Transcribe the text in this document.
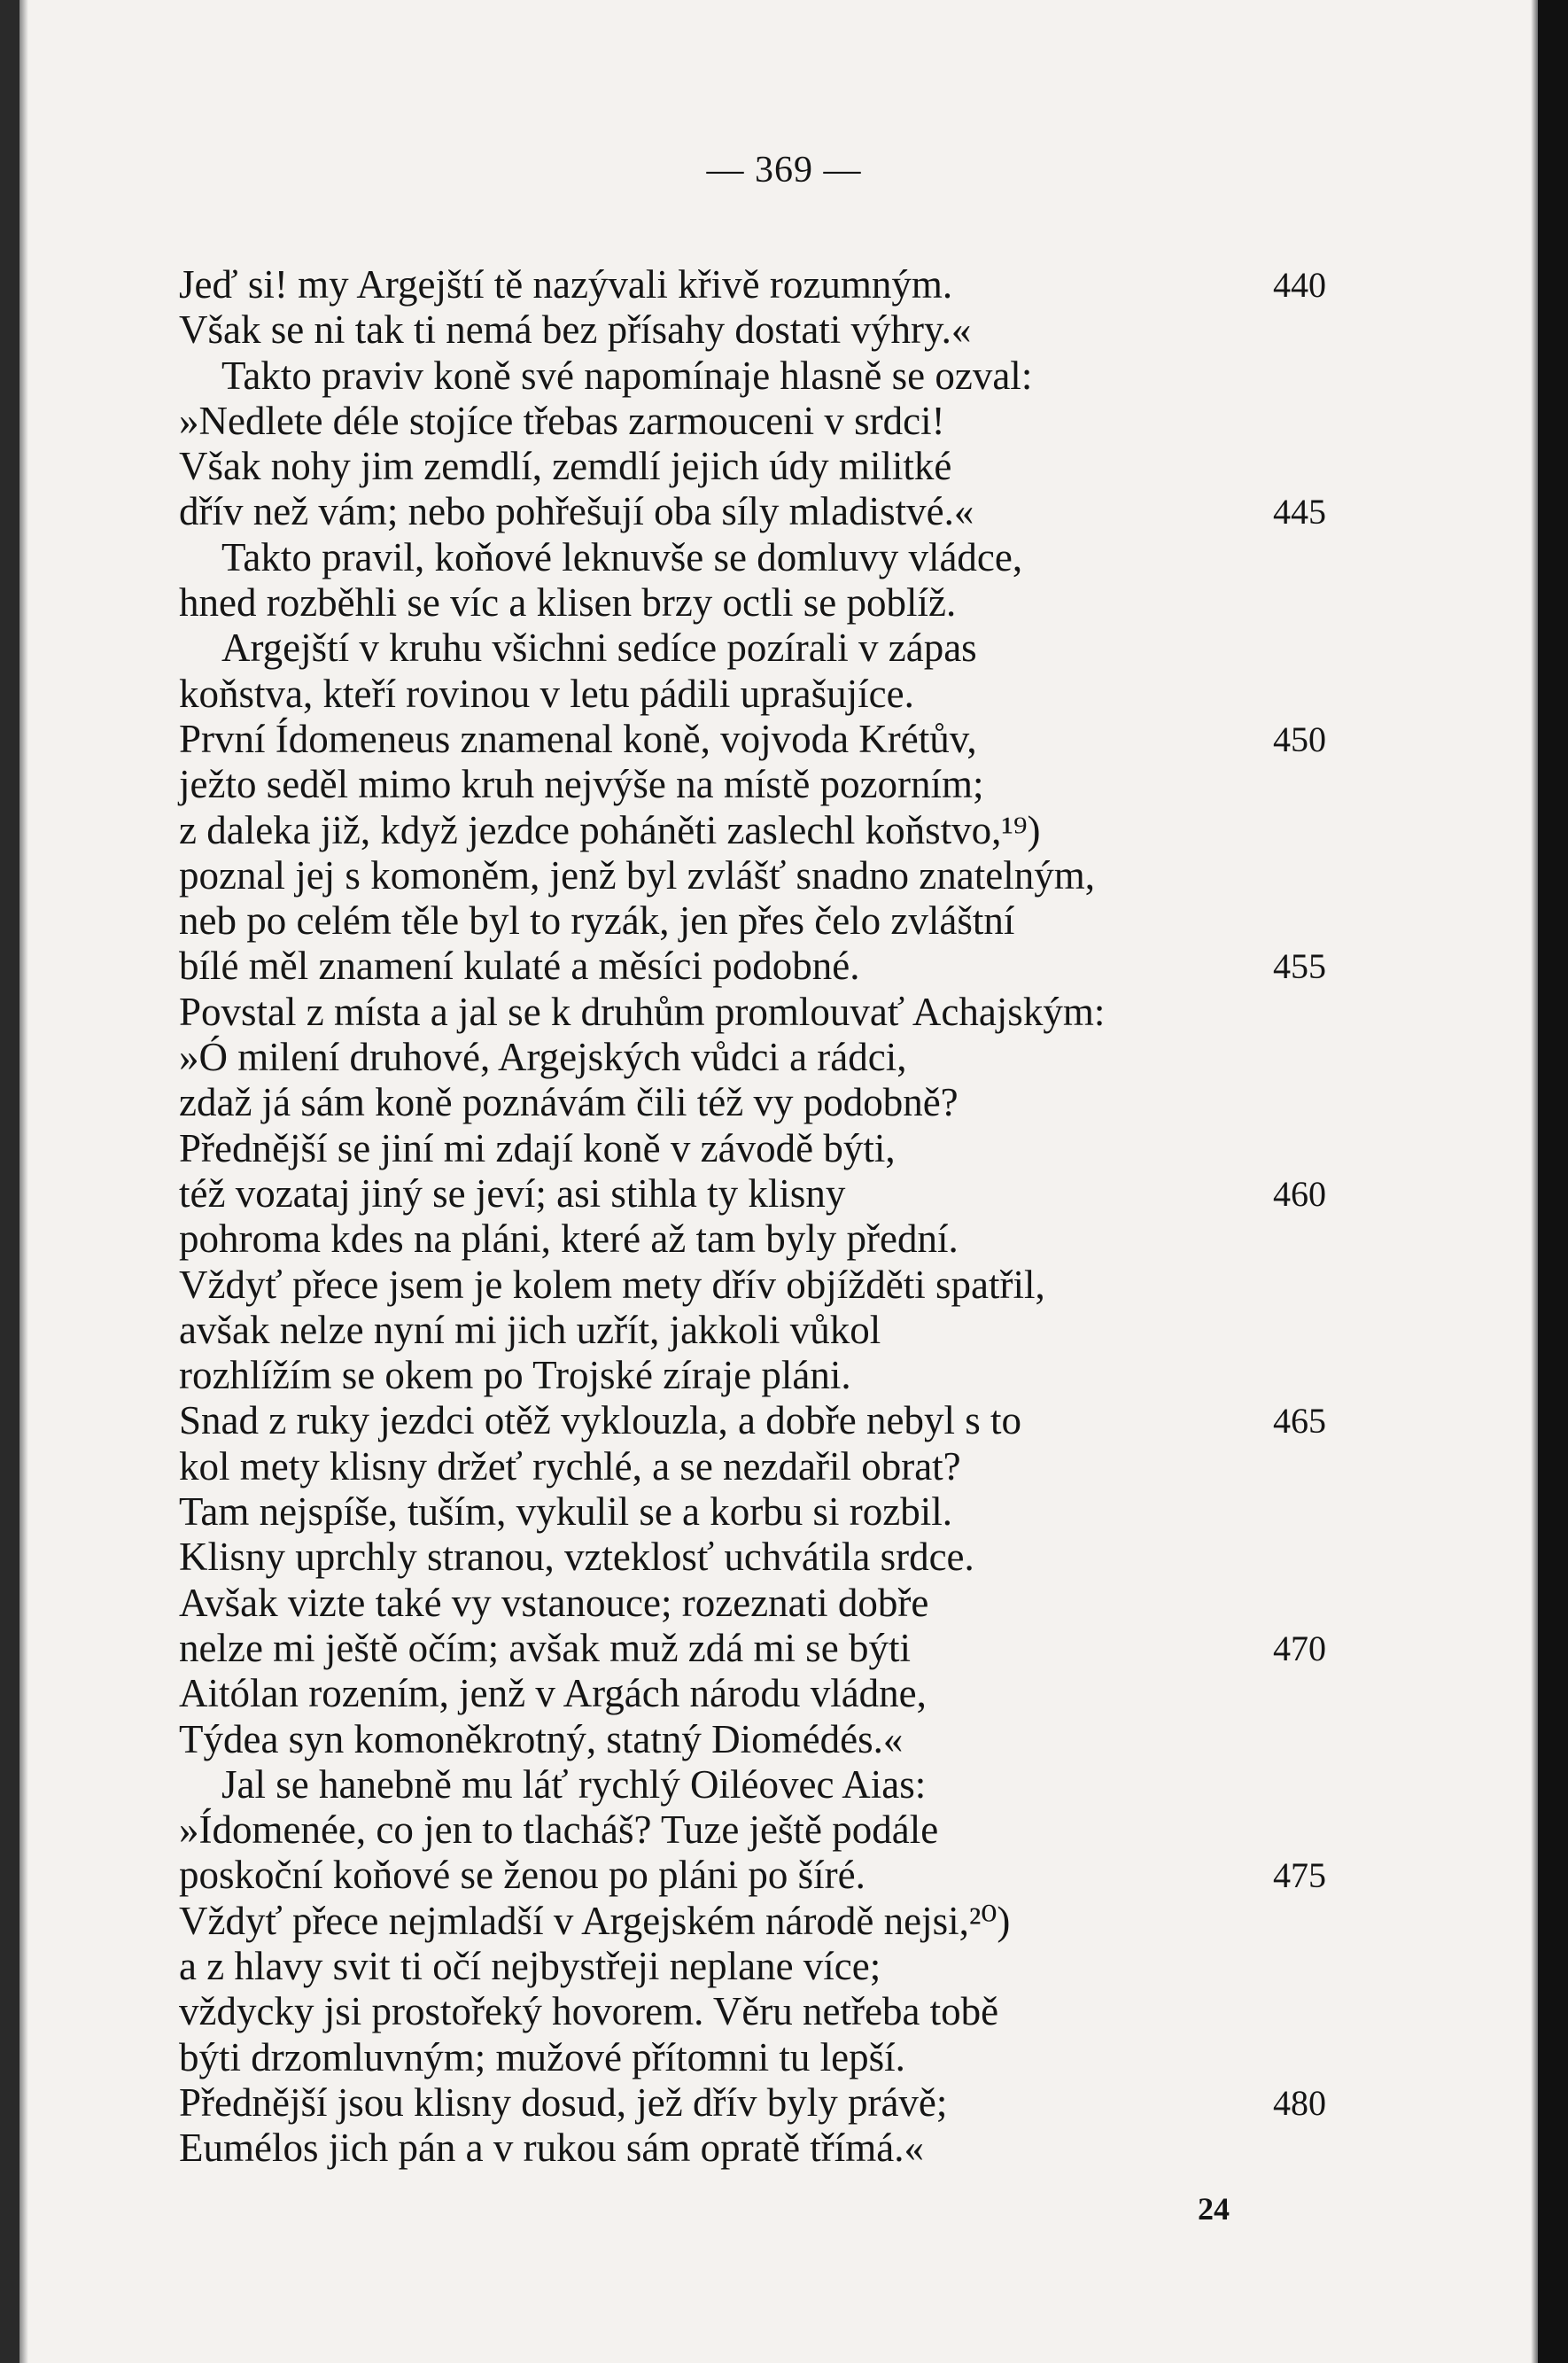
— 369 —
Jeď si! my Argejští tě nazývali křivě rozumným.	440
Však se ni tak ti nemá bez přísahy dostati výhry.«
Takto praviv koně své napomínaje hlasně se ozval:
»Nedlete déle stojíce třebas zarmouceni v srdci!
Však nohy jim zemdlí, zemdlí jejich údy militké
dřív než vám; nebo pohřešují oba síly mladistvé.«	445
Takto pravil, koňové leknuvše se domluvy vládce,
hned rozběhli se víc a klisen brzy octli se poblíž.
Argejští v kruhu všichni sedíce pozírali v zápas
koňstva, kteří rovinou v letu pádili uprašujíce.
První Ídomeneus znamenal koně, vojvoda Krétův,	450
ježto seděl mimo kruh nejvýše na místě pozorním;
z daleka již, když jezdce poháněti zaslechl koňstvo,¹⁹)
poznal jej s komoněm, jenž byl zvlášť snadno znatelným,
neb po celém těle byl to ryzák, jen přes čelo zvláštní
bílé měl znamení kulaté a měsíci podobné.	455
Povstal z místa a jal se k druhům promlouvať Achajským:
»Ó milení druhové, Argejských vůdci a rádci,
zdaž já sám koně poznávám čili též vy podobně?
Přednější se jiní mi zdají koně v závodě býti,
též vozataj jiný se jeví; asi stihla ty klisny	460
pohroma kdes na pláni, které až tam byly přední.
Vždyť přece jsem je kolem mety dřív objížděti spatřil,
avšak nelze nyní mi jich uzřít, jakkoli vůkol
rozhlížím se okem po Trojské zíraje pláni.
Snad z ruky jezdci otěž vyklouzla, a dobře nebyl s to	465
kol mety klisny držeť rychlé, a se nezdařil obrat?
Tam nejspíše, tuším, vykulil se a korbu si rozbil.
Klisny uprchly stranou, vzteklosť uchvátila srdce.
Avšak vizte také vy vstanouce; rozeznati dobře
nelze mi ještě očím; avšak muž zdá mi se býti	470
Aitólan rozením, jenž v Argách národu vládne,
Týdea syn komoněkrotný, statný Diomédés.«
Jal se hanebně mu láť rychlý Oiléovec Aias:
»Ídomenée, co jen to tlacháš? Tuze ještě podále
poskoční koňové se ženou po pláni po šíré.	475
Vždyť přece nejmladší v Argejském národě nejsi,²⁰)
a z hlavy svit ti očí nejbystřeji neplane více;
vždycky jsi prostořeký hovorem. Věru netřeba tobě
býti drzomluvným; mužové přítomni tu lepší.
Přednější jsou klisny dosud, jež dřív byly právě;	480
Eumélos jich pán a v rukou sám opratě třímá.«
24
